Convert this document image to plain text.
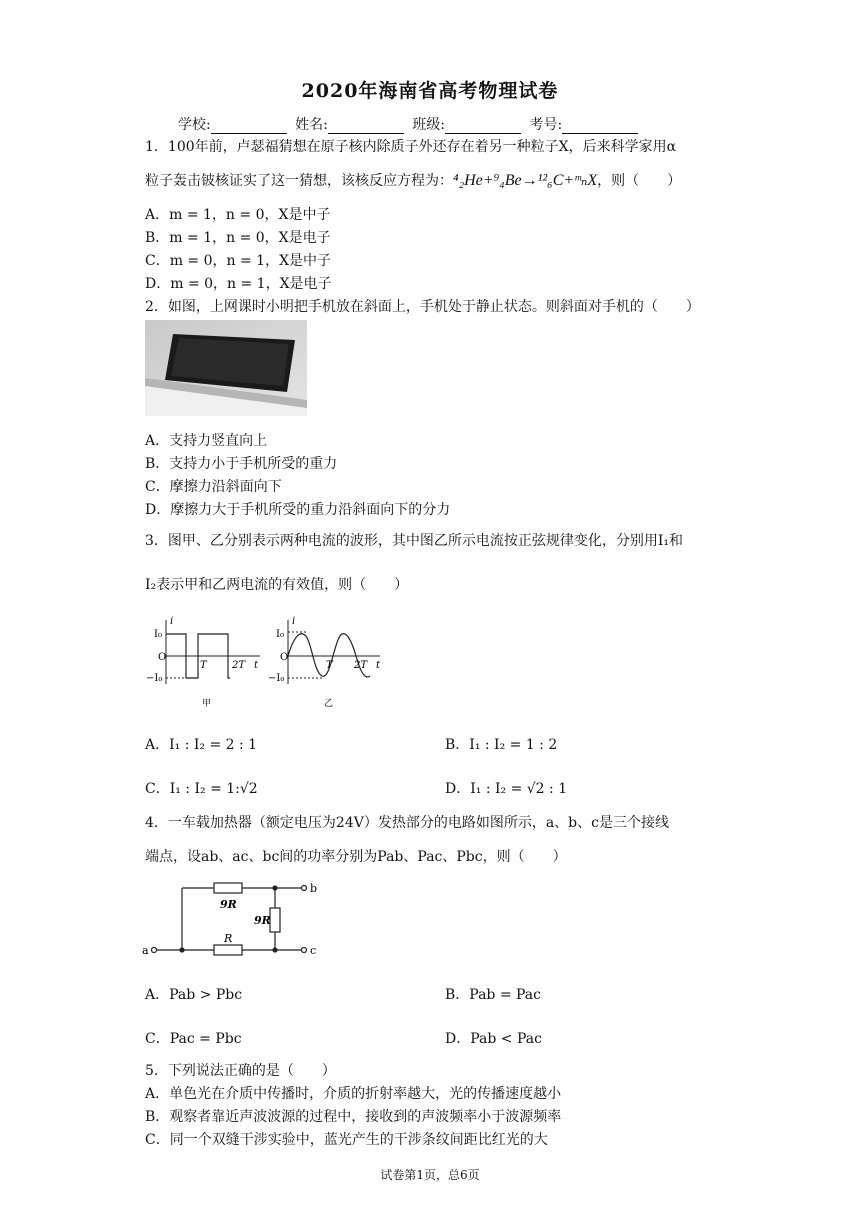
2020年海南省高考物理试卷
学校:	姓名:	班级:	考号:
1．100年前，卢瑟福猜想在原子核内除质子外还存在着另一种粒子X，后来科学家用α
粒子轰击铍核证实了这一猜想，该核反应方程为：⁴₂He+⁹₄Be→¹²₆C+ᵐₙX，则（　　）
A．m = 1，n = 0，X是中子
B．m = 1，n = 0，X是电子
C．m = 0，n = 1，X是中子
D．m = 0，n = 1，X是电子
2．如图，上网课时小明把手机放在斜面上，手机处于静止状态。则斜面对手机的（　　）
A．支持力竖直向上
B．支持力小于手机所受的重力
C．摩擦力沿斜面向下
D．摩擦力大于手机所受的重力沿斜面向下的分力
3．图甲、乙分别表示两种电流的波形，其中图乙所示电流按正弦规律变化，分别用I₁和
I₂表示甲和乙两电流的有效值，则（　　）
I₀
O
−I₀
i
T	2T t
甲
I₀
O
−I₀
i
T 2T t
乙
A．I₁ : I₂ = 2 : 1	B．I₁ : I₂ = 1 : 2
C．I₁ : I₂ = 1:√2	D．I₁ : I₂ = √2 : 1
4．一车载加热器（额定电压为24V）发热部分的电路如图所示，a、b、c是三个接线
端点，设ab、ac、bc间的功率分别为Pab、Pac、Pbc，则（　　）
9R
9R
R
a
b
c
A．Pab > Pbc	B．Pab = Pac
C．Pac = Pbc	D．Pab < Pac
5．下列说法正确的是（　　）
A．单色光在介质中传播时，介质的折射率越大，光的传播速度越小
B．观察者靠近声波波源的过程中，接收到的声波频率小于波源频率
C．同一个双缝干涉实验中，蓝光产生的干涉条纹间距比红光的大
试卷第1页，总6页
